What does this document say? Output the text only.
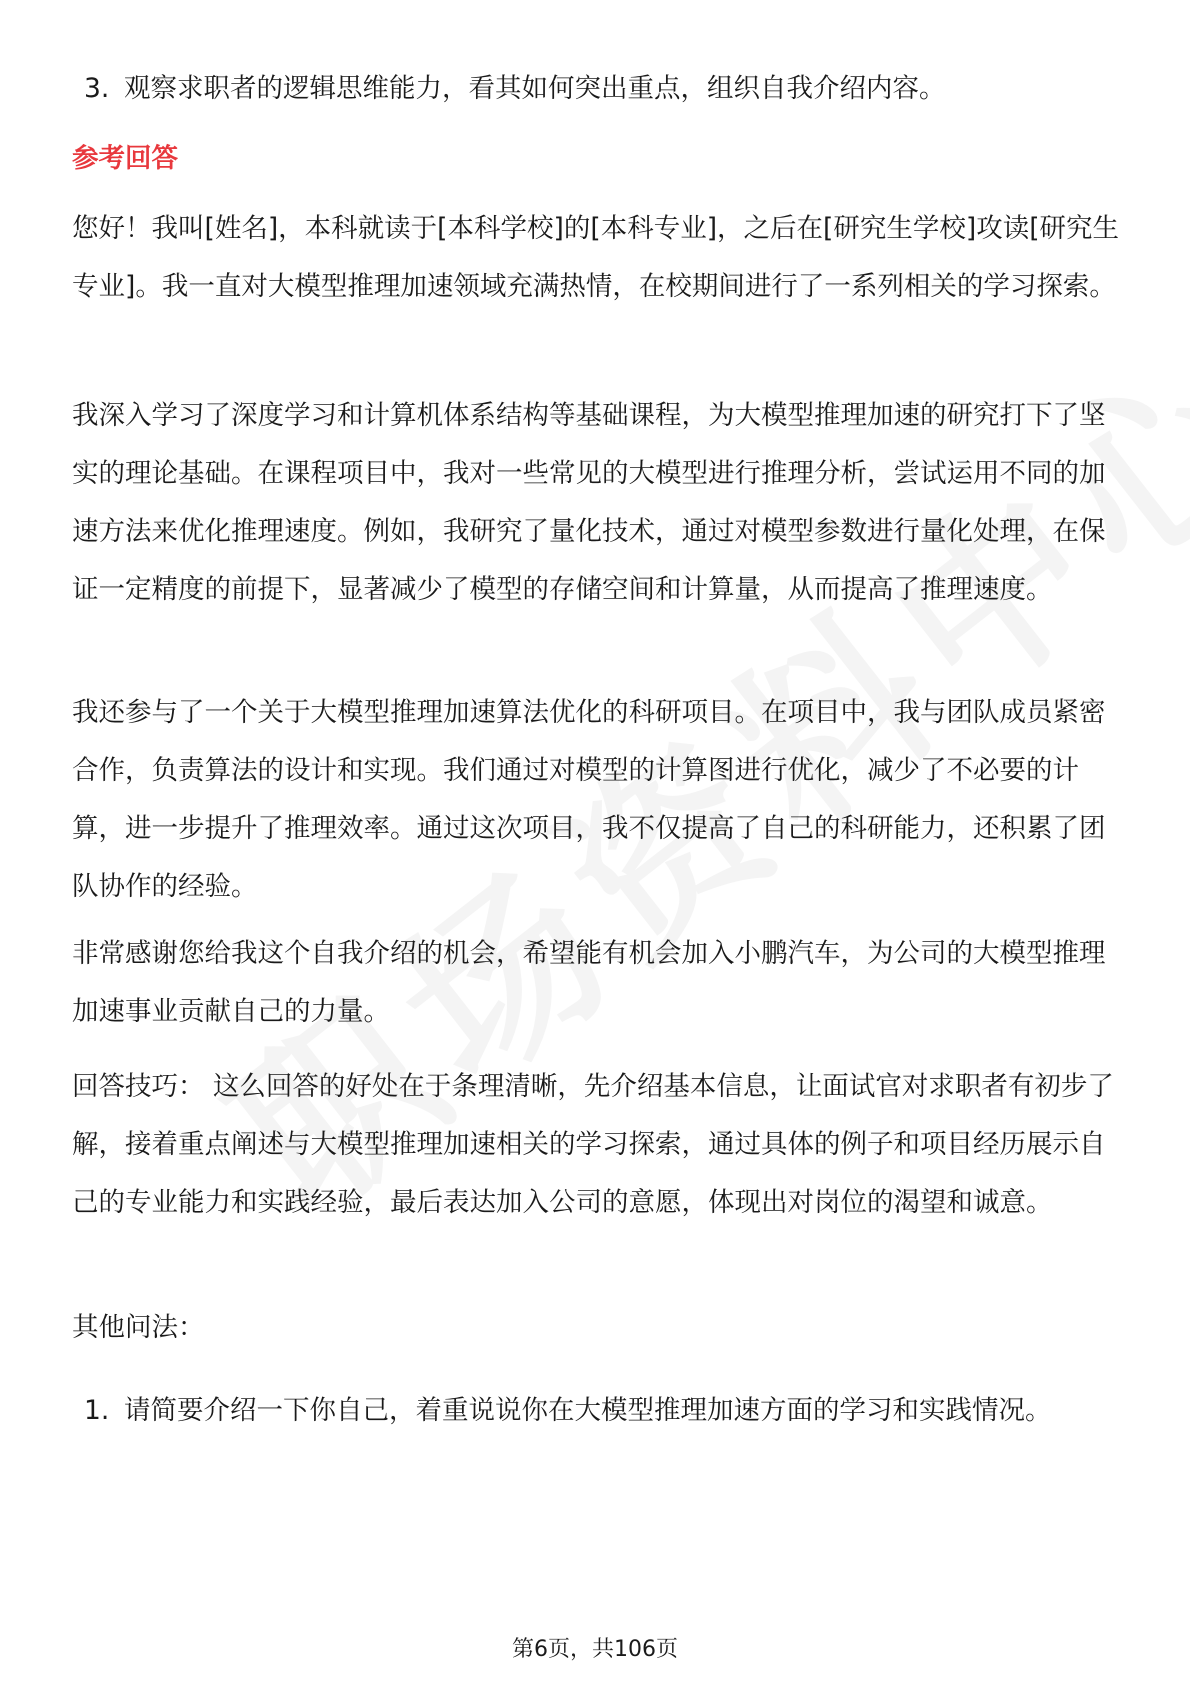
3. 观察求职者的逻辑思维能力，看其如何突出重点，组织自我介绍内容。

参考回答

您好！我叫[姓名]，本科就读于[本科学校]的[本科专业]，之后在[研究生学校]攻读[研究生专业]。我一直对大模型推理加速领域充满热情，在校期间进行了一系列相关的学习探索。

我深入学习了深度学习和计算机体系结构等基础课程，为大模型推理加速的研究打下了坚实的理论基础。在课程项目中，我对一些常见的大模型进行推理分析，尝试运用不同的加速方法来优化推理速度。例如，我研究了量化技术，通过对模型参数进行量化处理，在保证一定精度的前提下，显著减少了模型的存储空间和计算量，从而提高了推理速度。

我还参与了一个关于大模型推理加速算法优化的科研项目。在项目中，我与团队成员紧密合作，负责算法的设计和实现。我们通过对模型的计算图进行优化，减少了不必要的计算，进一步提升了推理效率。通过这次项目，我不仅提高了自己的科研能力，还积累了团队协作的经验。

非常感谢您给我这个自我介绍的机会，希望能有机会加入小鹏汽车，为公司的大模型推理加速事业贡献自己的力量。

回答技巧： 这么回答的好处在于条理清晰，先介绍基本信息，让面试官对求职者有初步了解，接着重点阐述与大模型推理加速相关的学习探索，通过具体的例子和项目经历展示自己的专业能力和实践经验，最后表达加入公司的意愿，体现出对岗位的渴望和诚意。

其他问法：

1. 请简要介绍一下你自己，着重说说你在大模型推理加速方面的学习和实践情况。
第6页，共106页
